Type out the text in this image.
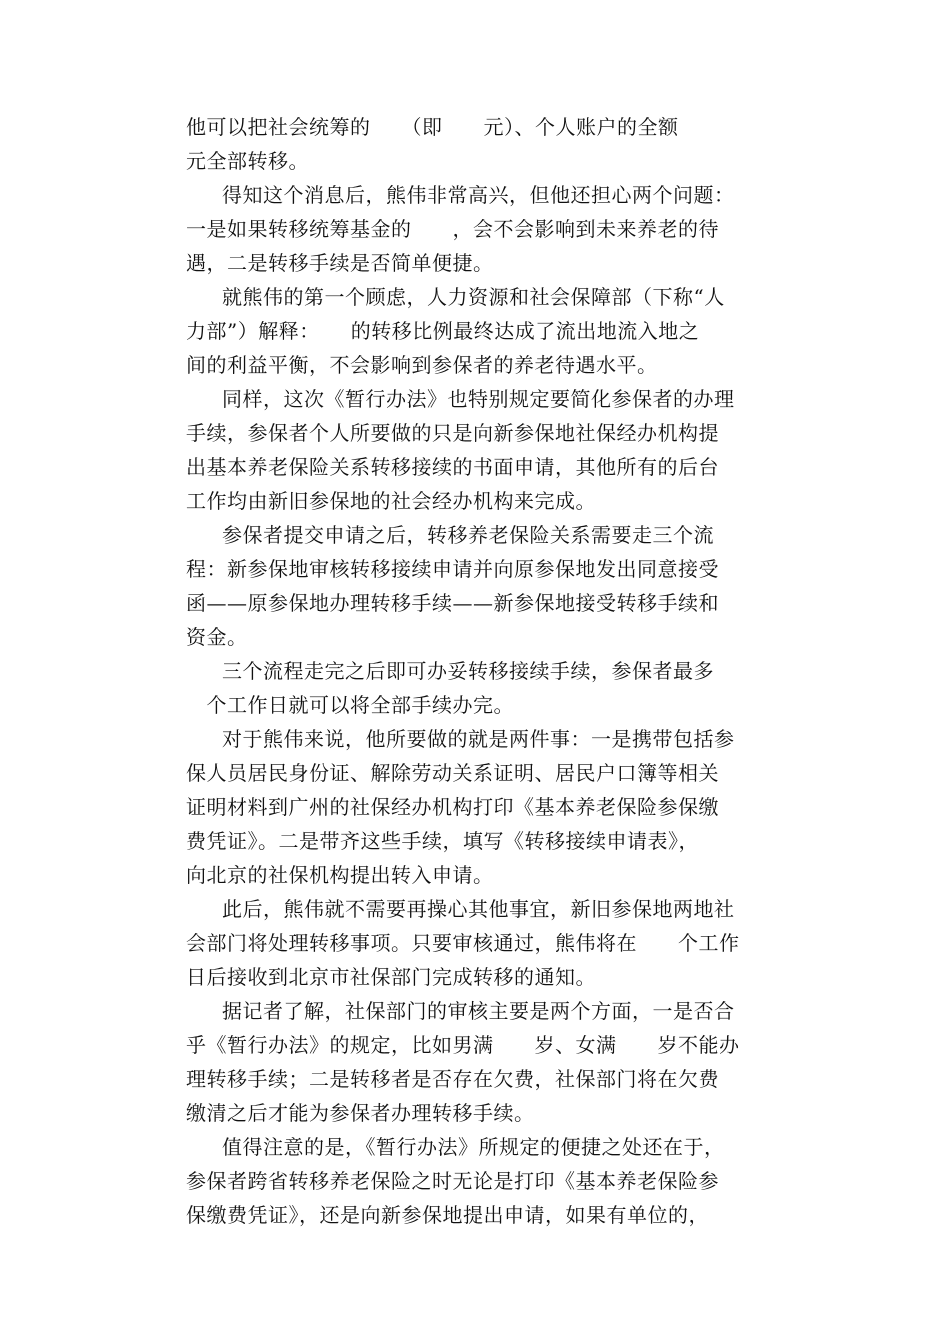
他可以把社会统筹的　　（即　　元）、个人账户的全额
元全部转移。
得知这个消息后，熊伟非常高兴，但他还担心两个问题：
一是如果转移统筹基金的　　，会不会影响到未来养老的待
遇，二是转移手续是否简单便捷。
就熊伟的第一个顾虑，人力资源和社会保障部（下称“人
力部”）解释：　　的转移比例最终达成了流出地流入地之
间的利益平衡，不会影响到参保者的养老待遇水平。
同样，这次《暂行办法》也特别规定要简化参保者的办理
手续，参保者个人所要做的只是向新参保地社保经办机构提
出基本养老保险关系转移接续的书面申请，其他所有的后台
工作均由新旧参保地的社会经办机构来完成。
参保者提交申请之后，转移养老保险关系需要走三个流
程：新参保地审核转移接续申请并向原参保地发出同意接受
函——原参保地办理转移手续——新参保地接受转移手续和
资金。
三个流程走完之后即可办妥转移接续手续，参保者最多
　个工作日就可以将全部手续办完。
对于熊伟来说，他所要做的就是两件事：一是携带包括参
保人员居民身份证、解除劳动关系证明、居民户口簿等相关
证明材料到广州的社保经办机构打印《基本养老保险参保缴
费凭证》。二是带齐这些手续，填写《转移接续申请表》，
向北京的社保机构提出转入申请。
此后，熊伟就不需要再操心其他事宜，新旧参保地两地社
会部门将处理转移事项。只要审核通过，熊伟将在　　个工作
日后接收到北京市社保部门完成转移的通知。
据记者了解，社保部门的审核主要是两个方面，一是否合
乎《暂行办法》的规定，比如男满　　岁、女满　　岁不能办
理转移手续；二是转移者是否存在欠费，社保部门将在欠费
缴清之后才能为参保者办理转移手续。
值得注意的是，《暂行办法》所规定的便捷之处还在于，
参保者跨省转移养老保险之时无论是打印《基本养老保险参
保缴费凭证》，还是向新参保地提出申请，如果有单位的，
